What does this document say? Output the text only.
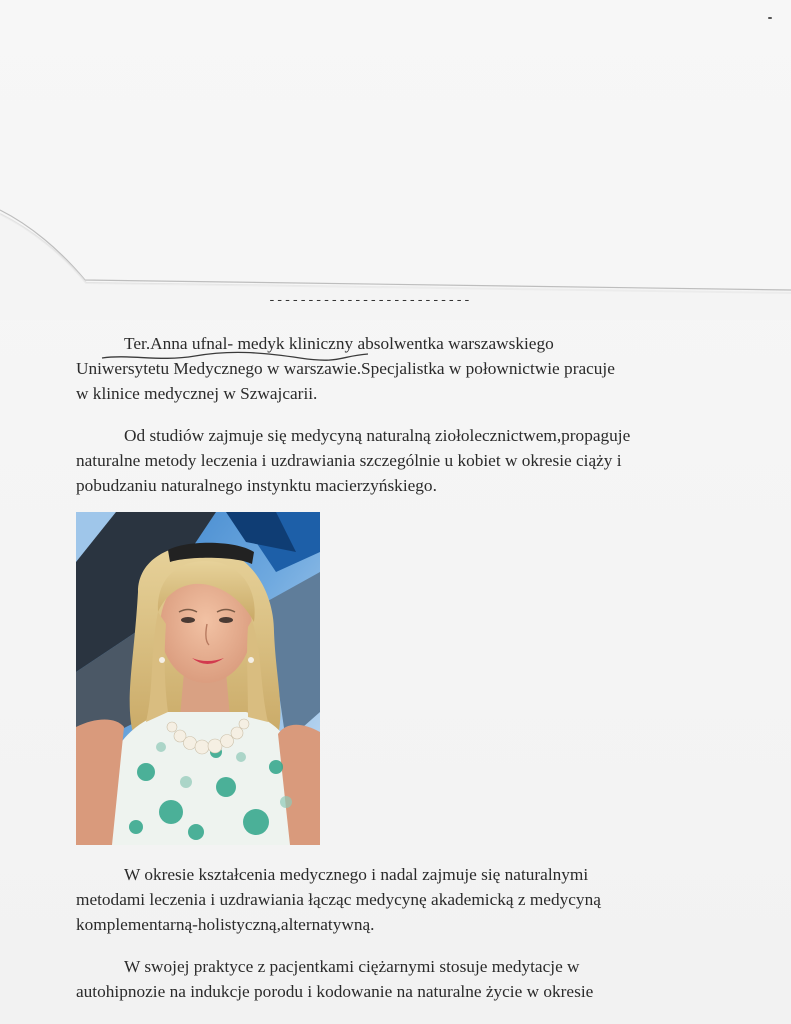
--------------------------

Ter.Anna ufnal- medyk kliniczny absolwentka warszawskiego
Uniwersytetu Medycznego w warszawie.Specjalistka w połownictwie pracuje
w klinice medycznej w Szwajcarii.

Od studiów zajmuje się medycyną naturalną ziołolecznictwem,propaguje
naturalne metody leczenia i uzdrawiania szczególnie u kobiet w okresie ciąży i
pobudzaniu naturalnego instynktu macierzyńskiego.

W okresie kształcenia medycznego i nadal zajmuje się naturalnymi
metodami leczenia i uzdrawiania łącząc medycynę akademicką z medycyną
komplementarną-holistyczną,alternatywną.

W swojej praktyce z pacjentkami ciężarnymi stosuje medytacje w
autohipnozie na indukcje porodu i kodowanie na naturalne życie w okresie
